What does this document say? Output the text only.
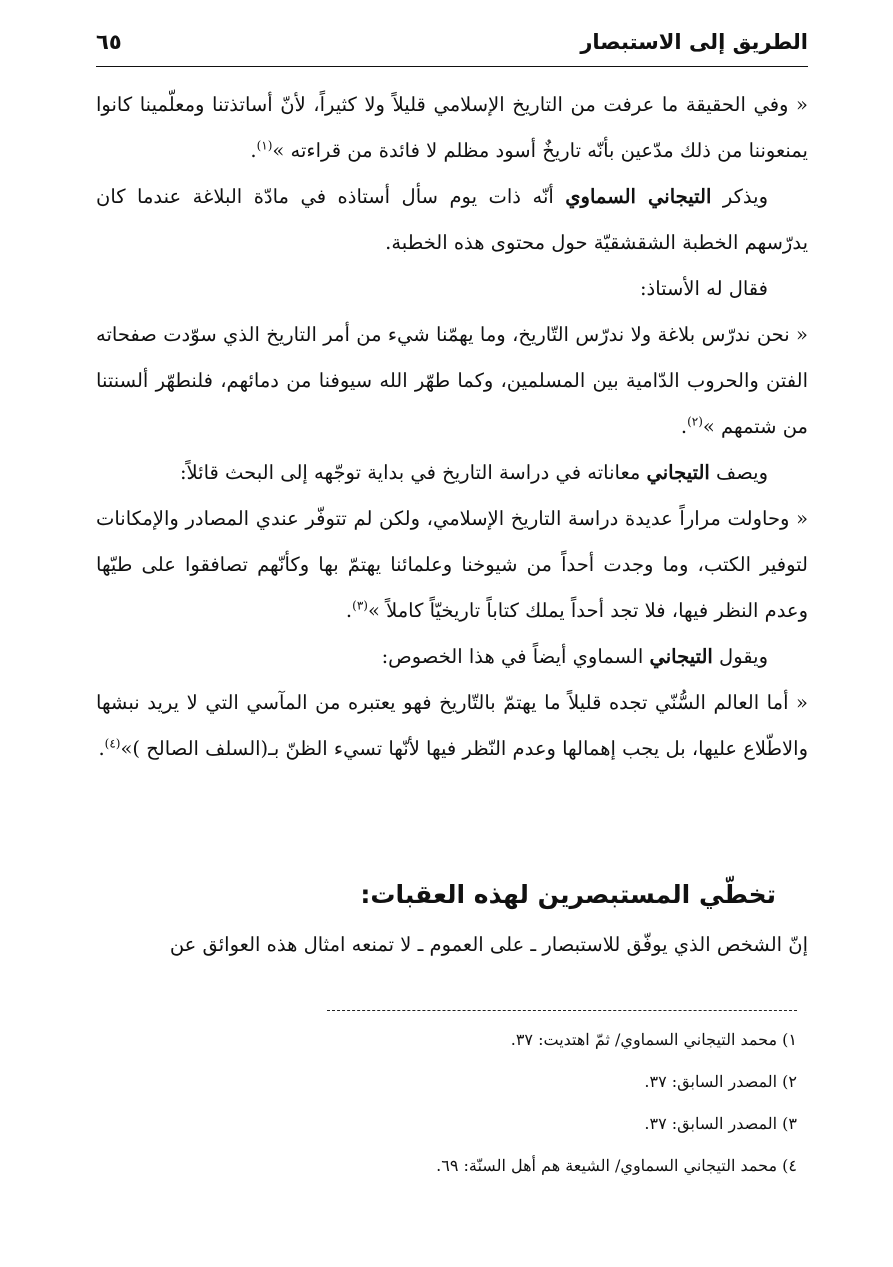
الطريق إلى الاستبصار
٦٥

« وفي الحقيقة ما عرفت من التاريخ الإسلامي قليلاً ولا كثيراً، لأنّ أساتذتنا ومعلّمينا كانوا يمنعوننا من ذلك مدّعين بأنّه تاريخٌ أسود مظلم لا فائدة من قراءته »$^{(١)}$.

ويذكر التيجاني السماوي أنّه ذات يوم سأل أستاذه في مادّة البلاغة عندما كان يدرّسهم الخطبة الشقشقيّة حول محتوى هذه الخطبة.

فقال له الأستاذ:

« نحن ندرّس بلاغة ولا ندرّس التّاريخ، وما يهمّنا شيء من أمر التاريخ الذي سوّدت صفحاته الفتن والحروب الدّامية بين المسلمين، وكما طهّر الله سيوفنا من دمائهم، فلنطهّر ألسنتنا من شتمهم »$^{(٢)}$.

ويصف التيجاني معاناته في دراسة التاريخ في بداية توجّهه إلى البحث قائلاً:

« وحاولت مراراً عديدة دراسة التاريخ الإسلامي، ولكن لم تتوفّر عندي المصادر والإمكانات لتوفير الكتب، وما وجدت أحداً من شيوخنا وعلمائنا يهتمّ بها وكأنّهم تصافقوا على طيّها وعدم النظر فيها، فلا تجد أحداً يملك كتاباً تاريخيّاً كاملاً »$^{(٣)}$.

ويقول التيجاني السماوي أيضاً في هذا الخصوص:

« أما العالم السُّنّي تجده قليلاً ما يهتمّ بالتّاريخ فهو يعتبره من المآسي التي لا يريد نبشها والاطّلاع عليها، بل يجب إهمالها وعدم النّظر فيها لأنّها تسيء الظنّ بـ(السلف الصالح )»$^{(٤)}$.

تخطّي المستبصرين لهذه العقبات:

إنّ الشخص الذي يوفّق للاستبصار ـ على العموم ـ لا تمنعه امثال هذه العوائق عن

١) محمد التيجاني السماوي/ ثمّ اهتديت: ٣٧.

٢) المصدر السابق: ٣٧.

٣) المصدر السابق: ٣٧.

٤) محمد التيجاني السماوي/ الشيعة هم أهل السنّة: ٦٩.
